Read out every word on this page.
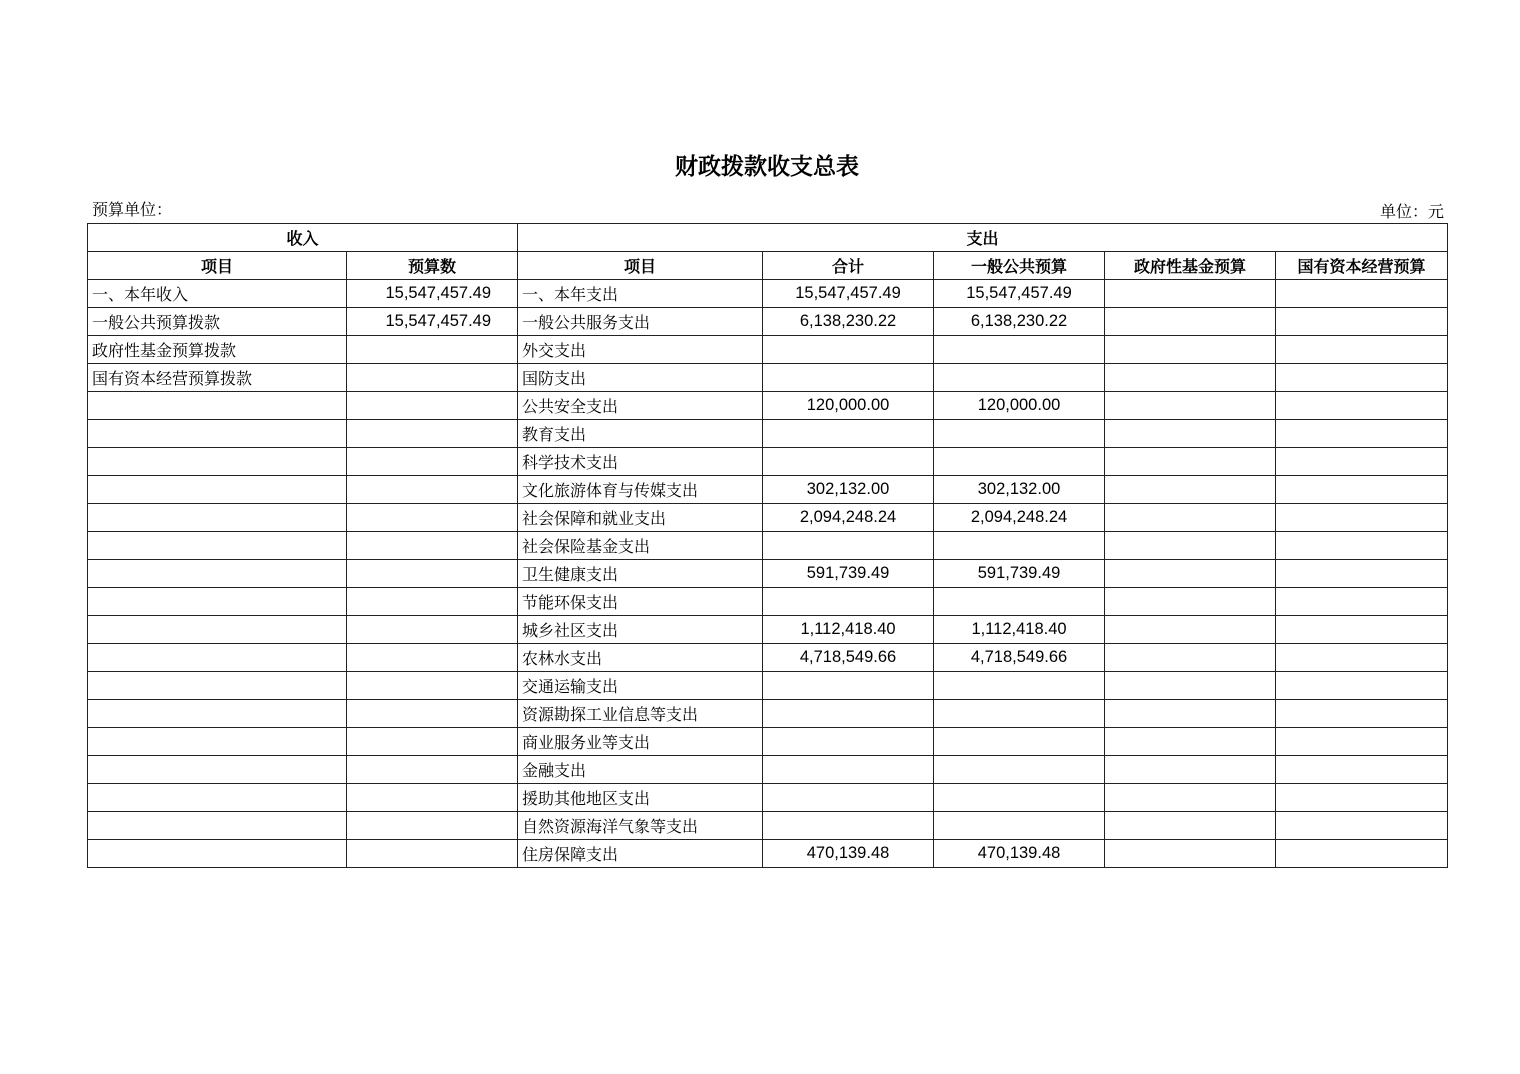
财政拨款收支总表
预算单位：	单位：元
收入		支出				
项目	预算数	项目	合计	一般公共预算	政府性基金预算	国有资本经营预算
一、本年收入	15,547,457.49	一、本年支出	15,547,457.49	15,547,457.49		
一般公共预算拨款	15,547,457.49	一般公共服务支出	6,138,230.22	6,138,230.22		
政府性基金预算拨款		外交支出				
国有资本经营预算拨款		国防支出				
		公共安全支出	120,000.00	120,000.00		
		教育支出				
		科学技术支出				
		文化旅游体育与传媒支出	302,132.00	302,132.00		
		社会保障和就业支出	2,094,248.24	2,094,248.24		
		社会保险基金支出				
		卫生健康支出	591,739.49	591,739.49		
		节能环保支出				
		城乡社区支出	1,112,418.40	1,112,418.40		
		农林水支出	4,718,549.66	4,718,549.66		
		交通运输支出				
		资源勘探工业信息等支出				
		商业服务业等支出				
		金融支出				
		援助其他地区支出				
		自然资源海洋气象等支出				
		住房保障支出	470,139.48	470,139.48		
